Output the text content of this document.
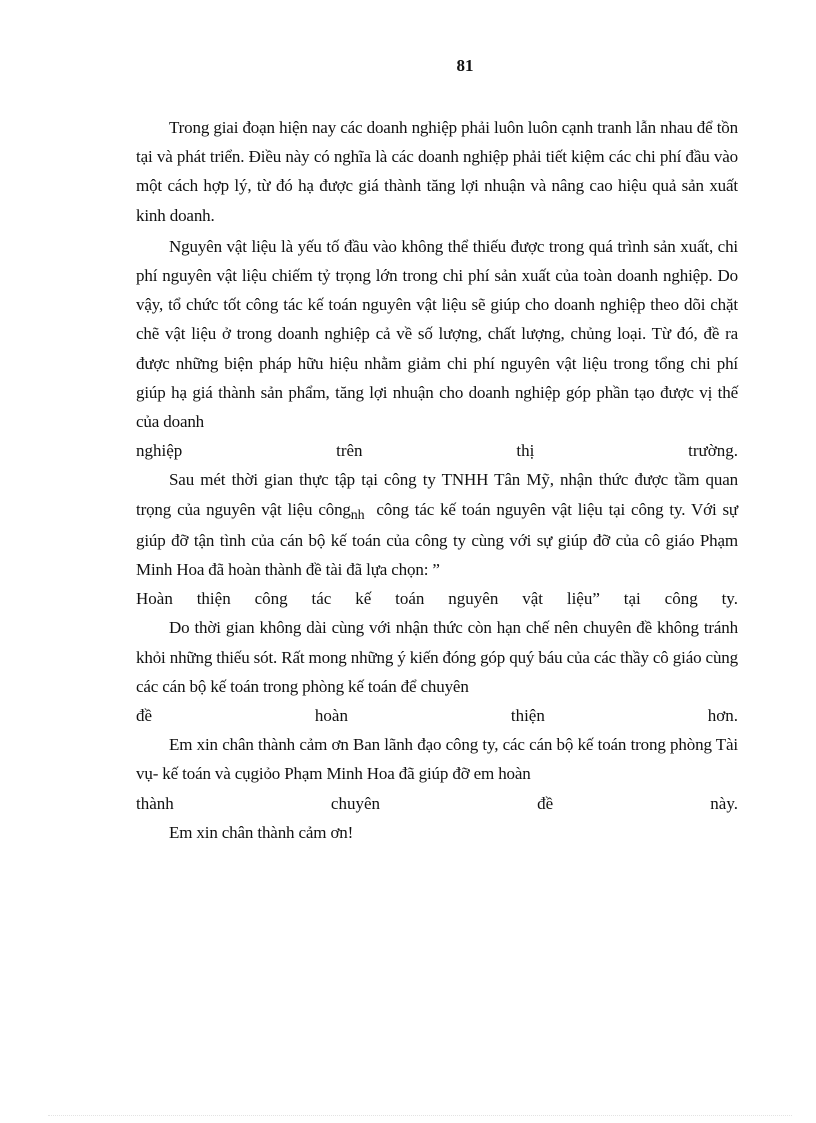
81

Trong giai đoạn hiện nay các doanh nghiệp phải luôn luôn cạnh tranh lẫn nhau để tồn tại và phát triển. Điều này có nghĩa là các doanh nghiệp phải tiết kiệm các chi phí đầu vào một cách hợp lý, từ đó hạ được giá thành tăng lợi nhuận và nâng cao hiệu quả sản xuất kinh doanh.

Nguyên vật liệu là yếu tố đầu vào không thể thiếu được trong quá trình sản xuất, chi phí nguyên vật liệu chiếm tỷ trọng lớn trong chi phí sản xuất của toàn doanh nghiệp. Do vậy, tổ chức tốt công tác kế toán nguyên vật liệu sẽ giúp cho doanh nghiệp theo dõi chặt chẽ vật liệu ở trong doanh nghiệp cả về số lượng, chất lượng, chủng loại. Từ đó, đề ra được những biện pháp hữu hiệu nhằm giảm chi phí nguyên vật liệu trong tổng chi phí giúp hạ giá thành sản phẩm, tăng lợi nhuận cho doanh nghiệp góp phần tạo được vị thế của doanh

nghiệp	trên	thị	trường.

Sau mét thời gian thực tập tại công ty TNHH Tân Mỹ, nhận thức được tầm quan trọng của nguyên vật liệu công$_{nh}$ công tác kế toán nguyên vật liệu tại công ty. Với sự giúp đỡ tận tình của cán bộ kế toán của công ty cùng với sự giúp đỡ của cô giáo Phạm Minh Hoa đã hoàn thành đề tài đã lựa chọn: ”

Hoàn thiện công tác kế toán nguyên vật liệu” tại công ty.

Do thời gian không dài cùng với nhận thức còn hạn chế nên chuyên đề không tránh khỏi những thiếu sót. Rất mong những ý kiến đóng góp quý báu của các thầy cô giáo cùng các cán bộ kế toán trong phòng kế toán để chuyên

đề	hoàn	thiện	hơn.

Em xin chân thành cảm ơn Ban lãnh đạo công ty, các cán bộ kế toán trong phòng Tài vụ- kế toán và cụgiỏo Phạm Minh Hoa đã giúp đỡ em hoàn

thành	chuyên	đề	này.

Em xin chân thành cảm ơn!
